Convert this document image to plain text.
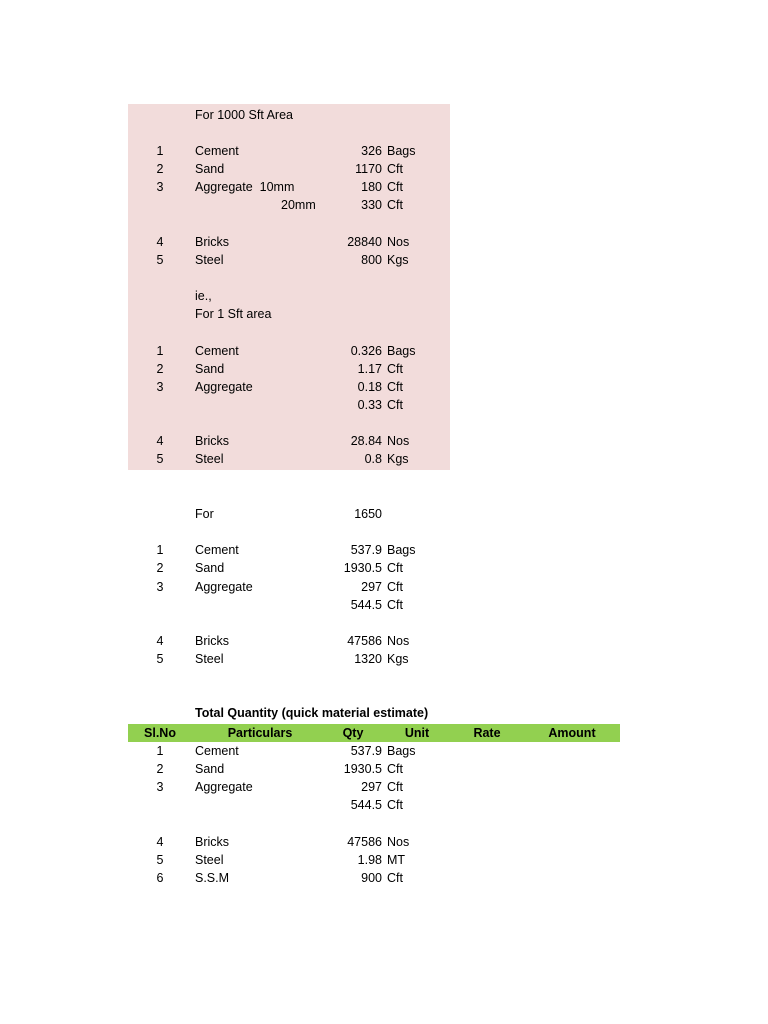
For 1000 Sft Area
1	Cement	326 Bags
2	Sand	1170 Cft
3	Aggregate  10mm	180 Cft
20mm	330 Cft
4	Bricks	28840 Nos
5	Steel	800 Kgs
ie.,
For 1 Sft area
1	Cement	0.326 Bags
2	Sand	1.17 Cft
3	Aggregate	0.18 Cft
0.33 Cft
4	Bricks	28.84 Nos
5	Steel	0.8 Kgs
For	1650
1	Cement	537.9 Bags
2	Sand	1930.5 Cft
3	Aggregate	297 Cft
544.5 Cft
4	Bricks	47586 Nos
5	Steel	1320 Kgs
Total Quantity (quick material estimate)
Sl.No	Particulars	Qty	Unit	Rate	Amount
1	Cement	537.9 Bags
2	Sand	1930.5 Cft
3	Aggregate	297 Cft
544.5 Cft
4	Bricks	47586 Nos
5	Steel	1.98 MT
6	S.S.M	900 Cft
